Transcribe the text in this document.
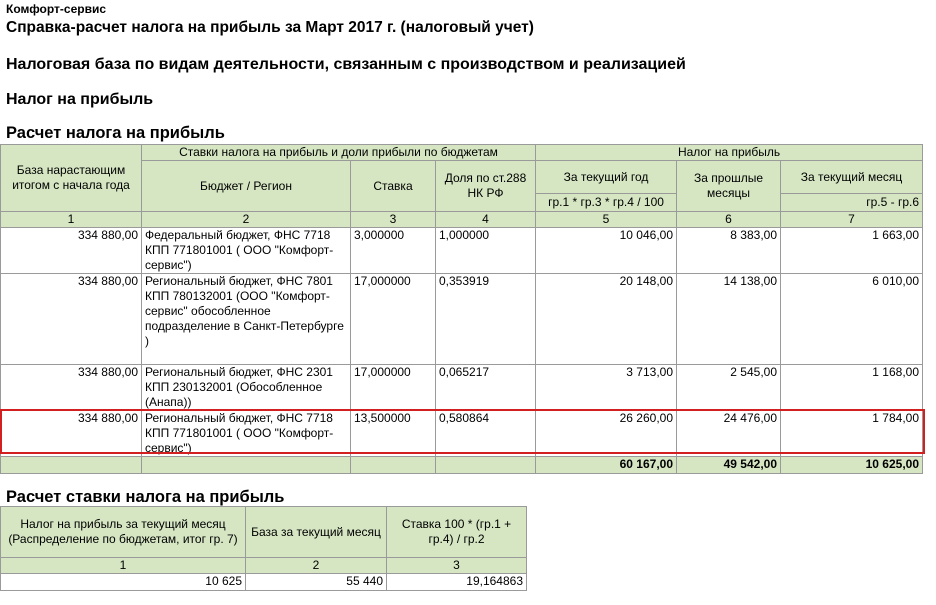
Комфорт-сервис
Справка-расчет налога на прибыль за Март 2017 г. (налоговый учет)
Налоговая база по видам деятельности, связанным с производством и реализацией
Налог на прибыль
Расчет налога на прибыль
База нарастающим итогом с начала года	Ставки налога на прибыль и доли прибыли по бюджетам			Налог на прибыль		
	Бюджет / Регион	Ставка	Доля по ст.288 НК РФ	За текущий год	За прошлые месяцы	За текущий месяц
				гр.1 * гр.3 * гр.4 / 100		гр.5 - гр.6
1	2	3	4	5	6	7
334 880,00	Федеральный бюджет, ФНС 7718 КПП 771801001 ( ООО "Комфорт-сервис")	3,000000	1,000000	10 046,00	8 383,00	1 663,00
334 880,00	Региональный бюджет, ФНС 7801 КПП 780132001 (ООО "Комфорт-сервис" обособленное подразделение в Санкт-Петербурге )	17,000000	0,353919	20 148,00	14 138,00	6 010,00
334 880,00	Региональный бюджет, ФНС 2301 КПП 230132001 (Обособленное (Анапа))	17,000000	0,065217	3 713,00	2 545,00	1 168,00
334 880,00	Региональный бюджет, ФНС 7718 КПП 771801001 ( ООО "Комфорт-сервис")	13,500000	0,580864	26 260,00	24 476,00	1 784,00
				60 167,00	49 542,00	10 625,00
Расчет ставки налога на прибыль
Налог на прибыль за текущий месяц (Распределение по бюджетам, итог гр. 7)	База за текущий месяц	Ставка 100 * (гр.1 + гр.4) / гр.2
1	2	3
10 625	55 440	19,164863
